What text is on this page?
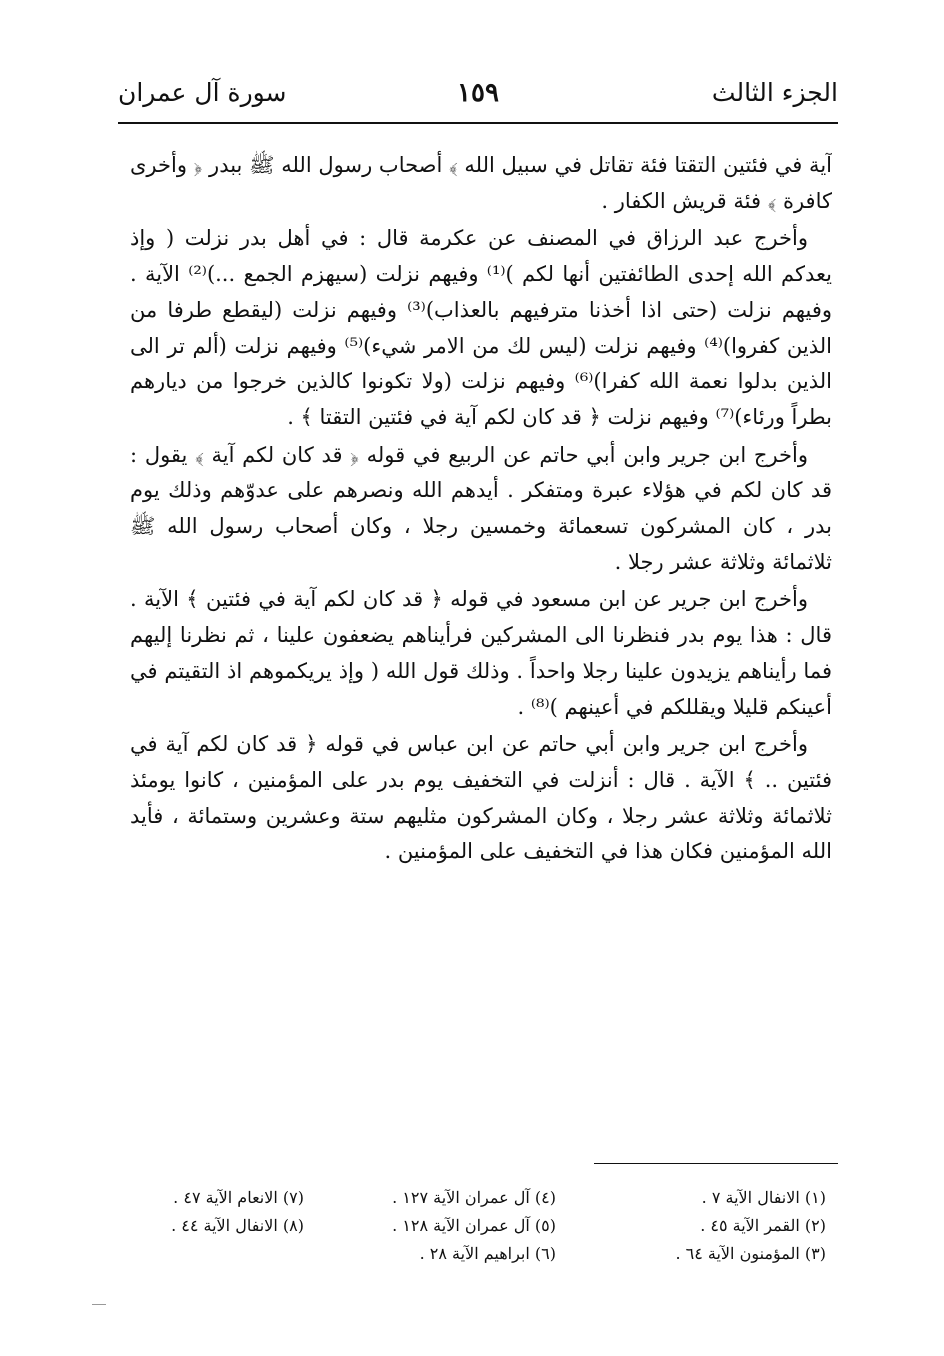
الجزء الثالث
١٥٩
سورة آل عمران

آية في فئتين التقتا فئة تقاتل في سبيل الله ﴾ أصحاب رسول الله ﷺ ببدر ﴿ وأخرى كافرة ﴾ فئة قريش الكفار .

وأخرج عبد الرزاق في المصنف عن عكرمة قال : في أهل بدر نزلت ( وإذ يعدكم الله إحدى الطائفتين أنها لكم )⁽¹⁾ وفيهم نزلت (سيهزم الجمع ...)⁽²⁾ الآية . وفيهم نزلت (حتى اذا أخذنا مترفيهم بالعذاب)⁽³⁾ وفيهم نزلت (ليقطع طرفا من الذين كفروا)⁽⁴⁾ وفيهم نزلت (ليس لك من الامر شيء)⁽⁵⁾ وفيهم نزلت (ألم تر الى الذين بدلوا نعمة الله كفرا)⁽⁶⁾ وفيهم نزلت (ولا تكونوا كالذين خرجوا من ديارهم بطراً ورئاء)⁽⁷⁾ وفيهم نزلت ﴿ قد كان لكم آية في فئتين التقتا ﴾ .

وأخرج ابن جرير وابن أبي حاتم عن الربيع في قوله ﴿ قد كان لكم آية ﴾ يقول : قد كان لكم في هؤلاء عبرة ومتفكر . أيدهم الله ونصرهم على عدوّهم وذلك يوم بدر ، كان المشركون تسعمائة وخمسين رجلا ، وكان أصحاب رسول الله ﷺ ثلاثمائة وثلاثة عشر رجلا .

وأخرج ابن جرير عن ابن مسعود في قوله ﴿ قد كان لكم آية في فئتين ﴾ الآية . قال : هذا يوم بدر فنظرنا الى المشركين فرأيناهم يضعفون علينا ، ثم نظرنا إليهم فما رأيناهم يزيدون علينا رجلا واحداً . وذلك قول الله ( وإذ يريكموهم اذ التقيتم في أعينكم قليلا ويقللكم في أعينهم )⁽⁸⁾ .

وأخرج ابن جرير وابن أبي حاتم عن ابن عباس في قوله ﴿ قد كان لكم آية في فئتين .. ﴾ الآية . قال : أنزلت في التخفيف يوم بدر على المؤمنين ، كانوا يومئذ ثلاثمائة وثلاثة عشر رجلا ، وكان المشركون مثليهم ستة وعشرين وستمائة ، فأيد الله المؤمنين فكان هذا في التخفيف على المؤمنين .

(١) الانفال الآية ٧ .
(٢) القمر الآية ٤٥ .
(٣) المؤمنون الآية ٦٤ .
(٤) آل عمران الآية ١٢٧ .
(٥) آل عمران الآية ١٢٨ .
(٦) ابراهيم الآية ٢٨ .
(٧) الانعام الآية ٤٧ .
(٨) الانفال الآية ٤٤ .
